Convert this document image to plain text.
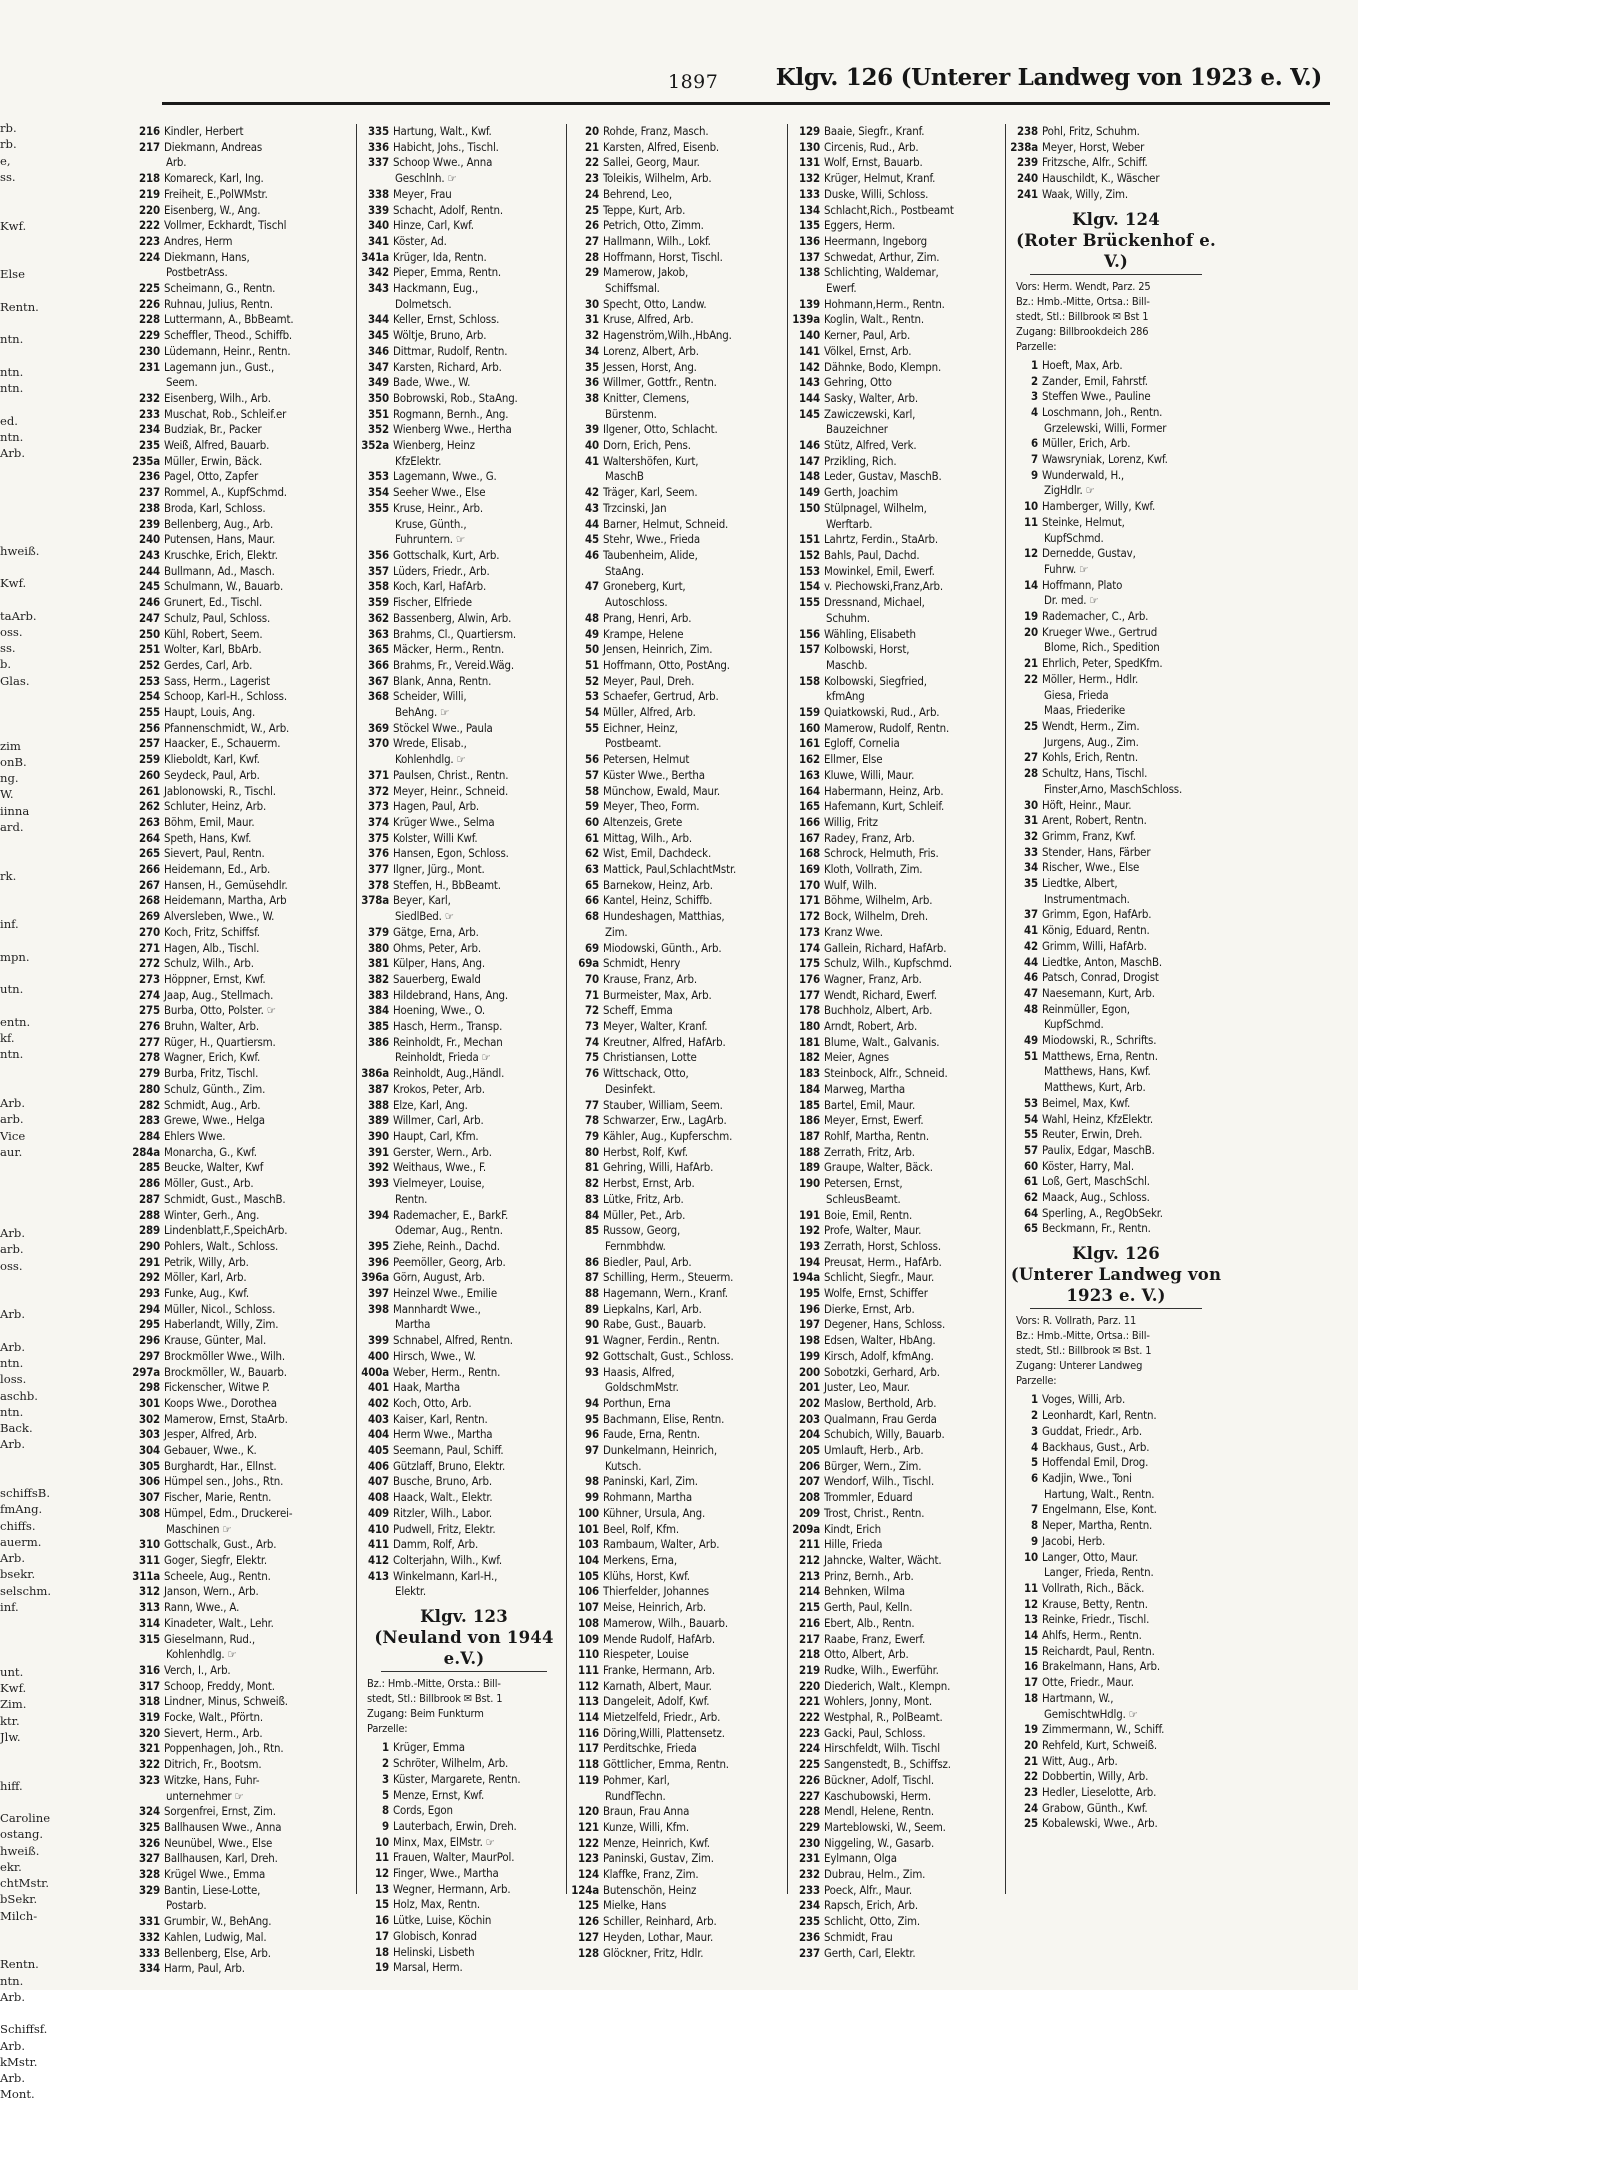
rb.
rb.
e,
ss.
Kwf.
Else
Rentn.
ntn.
ntn.
ntn.
ed.
ntn.
Arb.
hweiß.
Kwf.
taArb.
oss.
ss.
b.
Glas.
zim
onB.
ng.
W.
iinna
ard.
rk.
inf.
mpn.
utn.
entn.
kf.
ntn.
Arb.
arb.
Vice
aur.
Arb.
arb.
oss.
Arb.
Arb.
ntn.
loss.
aschb.
ntn.
Back.
Arb.
schiffsB.
fmAng.
chiffs.
auerm.
Arb.
bsekr.
selschm.
inf.
unt.
Kwf.
Zim.
ktr.
Jlw.
hiff.
Caroline
ostang.
hweiß.
ekr.
chtMstr.
bSekr.
Milch-
Rentn.
ntn.
Arb.
Schiffsf.
Arb.
kMstr.
Arb.
Mont.
1897 Klgv. 126 (Unterer Landweg von 1923 e. V.)
216 Kindler, Herbert
217 Diekmann, Andreas
Arb.
218 Komareck, Karl, Ing.
219 Freiheit, E.,PolWMstr.
220 Eisenberg, W., Ang.
222 Vollmer, Eckhardt, Tischl
223 Andres, Herm
224 Diekmann, Hans,
PostbetrAss.
225 Scheimann, G., Rentn.
226 Ruhnau, Julius, Rentn.
228 Luttermann, A., BbBeamt.
229 Scheffler, Theod., Schiffb.
230 Lüdemann, Heinr., Rentn.
231 Lagemann jun., Gust.,
Seem.
232 Eisenberg, Wilh., Arb.
233 Muschat, Rob., Schleif.er
234 Budziak, Br., Packer
235 Weiß, Alfred, Bauarb.
235a Müller, Erwin, Bäck.
236 Pagel, Otto, Zapfer
237 Rommel, A., KupfSchmd.
238 Broda, Karl, Schloss.
239 Bellenberg, Aug., Arb.
240 Putensen, Hans, Maur.
243 Kruschke, Erich, Elektr.
244 Bullmann, Ad., Masch.
245 Schulmann, W., Bauarb.
246 Grunert, Ed., Tischl.
247 Schulz, Paul, Schloss.
250 Kühl, Robert, Seem.
251 Wolter, Karl, BbArb.
252 Gerdes, Carl, Arb.
253 Sass, Herm., Lagerist
254 Schoop, Karl-H., Schloss.
255 Haupt, Louis, Ang.
256 Pfannenschmidt, W., Arb.
257 Haacker, E., Schauerm.
259 Klieboldt, Karl, Kwf.
260 Seydeck, Paul, Arb.
261 Jablonowski, R., Tischl.
262 Schluter, Heinz, Arb.
263 Böhm, Emil, Maur.
264 Speth, Hans, Kwf.
265 Sievert, Paul, Rentn.
266 Heidemann, Ed., Arb.
267 Hansen, H., Gemüsehdlr.
268 Heidemann, Martha, Arb
269 Alversleben, Wwe., W.
270 Koch, Fritz, Schiffsf.
271 Hagen, Alb., Tischl.
272 Schulz, Wilh., Arb.
273 Höppner, Ernst, Kwf.
274 Jaap, Aug., Stellmach.
275 Burba, Otto, Polster. ☞
276 Bruhn, Walter, Arb.
277 Rüger, H., Quartiersm.
278 Wagner, Erich, Kwf.
279 Burba, Fritz, Tischl.
280 Schulz, Günth., Zim.
282 Schmidt, Aug., Arb.
283 Grewe, Wwe., Helga
284 Ehlers Wwe.
284a Monarcha, G., Kwf.
285 Beucke, Walter, Kwf
286 Möller, Gust., Arb.
287 Schmidt, Gust., MaschB.
288 Winter, Gerh., Ang.
289 Lindenblatt,F.,SpeichArb.
290 Pohlers, Walt., Schloss.
291 Petrik, Willy, Arb.
292 Möller, Karl, Arb.
293 Funke, Aug., Kwf.
294 Müller, Nicol., Schloss.
295 Haberlandt, Willy, Zim.
296 Krause, Günter, Mal.
297 Brockmöller Wwe., Wilh.
297a Brockmöller, W., Bauarb.
298 Fickenscher, Witwe P.
301 Koops Wwe., Dorothea
302 Mamerow, Ernst, StaArb.
303 Jesper, Alfred, Arb.
304 Gebauer, Wwe., K.
305 Burghardt, Har., Ellnst.
306 Hümpel sen., Johs., Rtn.
307 Fischer, Marie, Rentn.
308 Hümpel, Edm., Druckerei-
Maschinen ☞
310 Gottschalk, Gust., Arb.
311 Goger, Siegfr, Elektr.
311a Scheele, Aug., Rentn.
312 Janson, Wern., Arb.
313 Rann, Wwe., A.
314 Kinadeter, Walt., Lehr.
315 Gieselmann, Rud.,
Kohlenhdlg. ☞
316 Verch, I., Arb.
317 Schoop, Freddy, Mont.
318 Lindner, Minus, Schweiß.
319 Focke, Walt., Pförtn.
320 Sievert, Herm., Arb.
321 Poppenhagen, Joh., Rtn.
322 Ditrich, Fr., Bootsm.
323 Witzke, Hans, Fuhr-
unternehmer ☞
324 Sorgenfrei, Ernst, Zim.
325 Ballhausen Wwe., Anna
326 Neunübel, Wwe., Else
327 Ballhausen, Karl, Dreh.
328 Krügel Wwe., Emma
329 Bantin, Liese-Lotte,
Postarb.
331 Grumbir, W., BehAng.
332 Kahlen, Ludwig, Mal.
333 Bellenberg, Else, Arb.
334 Harm, Paul, Arb.
335 Hartung, Walt., Kwf.
336 Habicht, Johs., Tischl.
337 Schoop Wwe., Anna
Geschlnh. ☞
338 Meyer, Frau
339 Schacht, Adolf, Rentn.
340 Hinze, Carl, Kwf.
341 Köster, Ad.
341a Krüger, Ida, Rentn.
342 Pieper, Emma, Rentn.
343 Hackmann, Eug.,
Dolmetsch.
344 Keller, Ernst, Schloss.
345 Wöltje, Bruno, Arb.
346 Dittmar, Rudolf, Rentn.
347 Karsten, Richard, Arb.
349 Bade, Wwe., W.
350 Bobrowski, Rob., StaAng.
351 Rogmann, Bernh., Ang.
352 Wienberg Wwe., Hertha
352a Wienberg, Heinz
KfzElektr.
353 Lagemann, Wwe., G.
354 Seeher Wwe., Else
355 Kruse, Heinr., Arb.
Kruse, Günth.,
Fuhruntern. ☞
356 Gottschalk, Kurt, Arb.
357 Lüders, Friedr., Arb.
358 Koch, Karl, HafArb.
359 Fischer, Elfriede
362 Bassenberg, Alwin, Arb.
363 Brahms, Cl., Quartiersm.
365 Mäcker, Herm., Rentn.
366 Brahms, Fr., Vereid.Wäg.
367 Blank, Anna, Rentn.
368 Scheider, Willi,
BehAng. ☞
369 Stöckel Wwe., Paula
370 Wrede, Elisab.,
Kohlenhdlg. ☞
371 Paulsen, Christ., Rentn.
372 Meyer, Heinr., Schneid.
373 Hagen, Paul, Arb.
374 Krüger Wwe., Selma
375 Kolster, Willi Kwf.
376 Hansen, Egon, Schloss.
377 Ilgner, Jürg., Mont.
378 Steffen, H., BbBeamt.
378a Beyer, Karl,
SiedlBed. ☞
379 Gätge, Erna, Arb.
380 Ohms, Peter, Arb.
381 Külper, Hans, Ang.
382 Sauerberg, Ewald
383 Hildebrand, Hans, Ang.
384 Hoening, Wwe., O.
385 Hasch, Herm., Transp.
386 Reinholdt, Fr., Mechan
Reinholdt, Frieda ☞
386a Reinholdt, Aug.,Händl.
387 Krokos, Peter, Arb.
388 Elze, Karl, Ang.
389 Willmer, Carl, Arb.
390 Haupt, Carl, Kfm.
391 Gerster, Wern., Arb.
392 Weithaus, Wwe., F.
393 Vielmeyer, Louise,
Rentn.
394 Rademacher, E., BarkF.
Odemar, Aug., Rentn.
395 Ziehe, Reinh., Dachd.
396 Peemöller, Georg, Arb.
396a Görn, August, Arb.
397 Heinzel Wwe., Emilie
398 Mannhardt Wwe.,
Martha
399 Schnabel, Alfred, Rentn.
400 Hirsch, Wwe., W.
400a Weber, Herm., Rentn.
401 Haak, Martha
402 Koch, Otto, Arb.
403 Kaiser, Karl, Rentn.
404 Herm Wwe., Martha
405 Seemann, Paul, Schiff.
406 Gützlaff, Bruno, Elektr.
407 Busche, Bruno, Arb.
408 Haack, Walt., Elektr.
409 Ritzler, Wilh., Labor.
410 Pudwell, Fritz, Elektr.
411 Damm, Rolf, Arb.
412 Colterjahn, Wilh., Kwf.
413 Winkelmann, Karl-H.,
Elektr.
Klgv. 123
(Neuland von 1944 e.V.)
Bz.: Hmb.-Mitte, Orsta.: Bill-
stedt, Stl.: Billbrook ✉ Bst. 1
Zugang: Beim Funkturm
Parzelle:
1 Krüger, Emma
2 Schröter, Wilhelm, Arb.
3 Küster, Margarete, Rentn.
5 Menze, Ernst, Kwf.
8 Cords, Egon
9 Lauterbach, Erwin, Dreh.
10 Minx, Max, ElMstr. ☞
11 Frauen, Walter, MaurPol.
12 Finger, Wwe., Martha
13 Wegner, Hermann, Arb.
15 Holz, Max, Rentn.
16 Lütke, Luise, Köchin
17 Globisch, Konrad
18 Helinski, Lisbeth
19 Marsal, Herm.
20 Rohde, Franz, Masch.
21 Karsten, Alfred, Eisenb.
22 Sallei, Georg, Maur.
23 Toleikis, Wilhelm, Arb.
24 Behrend, Leo,
25 Teppe, Kurt, Arb.
26 Petrich, Otto, Zimm.
27 Hallmann, Wilh., Lokf.
28 Hoffmann, Horst, Tischl.
29 Mamerow, Jakob,
Schiffsmal.
30 Specht, Otto, Landw.
31 Kruse, Alfred, Arb.
32 Hagenström,Wilh.,HbAng.
34 Lorenz, Albert, Arb.
35 Jessen, Horst, Ang.
36 Willmer, Gottfr., Rentn.
38 Knitter, Clemens,
Bürstenm.
39 Ilgener, Otto, Schlacht.
40 Dorn, Erich, Pens.
41 Waltershöfen, Kurt,
MaschB
42 Träger, Karl, Seem.
43 Trzcinski, Jan
44 Barner, Helmut, Schneid.
45 Stehr, Wwe., Frieda
46 Taubenheim, Alide,
StaAng.
47 Groneberg, Kurt,
Autoschloss.
48 Prang, Henri, Arb.
49 Krampe, Helene
50 Jensen, Heinrich, Zim.
51 Hoffmann, Otto, PostAng.
52 Meyer, Paul, Dreh.
53 Schaefer, Gertrud, Arb.
54 Müller, Alfred, Arb.
55 Eichner, Heinz,
Postbeamt.
56 Petersen, Helmut
57 Küster Wwe., Bertha
58 Münchow, Ewald, Maur.
59 Meyer, Theo, Form.
60 Altenzeis, Grete
61 Mittag, Wilh., Arb.
62 Wist, Emil, Dachdeck.
63 Mattick, Paul,SchlachtMstr.
65 Barnekow, Heinz, Arb.
66 Kantel, Heinz, Schiffb.
68 Hundeshagen, Matthias,
Zim.
69 Miodowski, Günth., Arb.
69a Schmidt, Henry
70 Krause, Franz, Arb.
71 Burmeister, Max, Arb.
72 Scheff, Emma
73 Meyer, Walter, Kranf.
74 Kreutner, Alfred, HafArb.
75 Christiansen, Lotte
76 Wittschack, Otto,
Desinfekt.
77 Stauber, William, Seem.
78 Schwarzer, Erw., LagArb.
79 Kähler, Aug., Kupferschm.
80 Herbst, Rolf, Kwf.
81 Gehring, Willi, HafArb.
82 Herbst, Ernst, Arb.
83 Lütke, Fritz, Arb.
84 Müller, Pet., Arb.
85 Russow, Georg,
Fernmbhdw.
86 Biedler, Paul, Arb.
87 Schilling, Herm., Steuerm.
88 Hagemann, Wern., Kranf.
89 Liepkalns, Karl, Arb.
90 Rabe, Gust., Bauarb.
91 Wagner, Ferdin., Rentn.
92 Gottschalt, Gust., Schloss.
93 Haasis, Alfred,
GoldschmMstr.
94 Porthun, Erna
95 Bachmann, Elise, Rentn.
96 Faude, Erna, Rentn.
97 Dunkelmann, Heinrich,
Kutsch.
98 Paninski, Karl, Zim.
99 Rohmann, Martha
100 Kühner, Ursula, Ang.
101 Beel, Rolf, Kfm.
103 Rambaum, Walter, Arb.
104 Merkens, Erna,
105 Klühs, Horst, Kwf.
106 Thierfelder, Johannes
107 Meise, Heinrich, Arb.
108 Mamerow, Wilh., Bauarb.
109 Mende Rudolf, HafArb.
110 Riespeter, Louise
111 Franke, Hermann, Arb.
112 Karnath, Albert, Maur.
113 Dangeleit, Adolf, Kwf.
114 Mietzelfeld, Friedr., Arb.
116 Döring,Willi, Plattensetz.
117 Perditschke, Frieda
118 Göttlicher, Emma, Rentn.
119 Pohmer, Karl,
RundfTechn.
120 Braun, Frau Anna
121 Kunze, Willi, Kfm.
122 Menze, Heinrich, Kwf.
123 Paninski, Gustav, Zim.
124 Klaffke, Franz, Zim.
124a Butenschön, Heinz
125 Mielke, Hans
126 Schiller, Reinhard, Arb.
127 Heyden, Lothar, Maur.
128 Glöckner, Fritz, Hdlr.
129 Baaie, Siegfr., Kranf.
130 Circenis, Rud., Arb.
131 Wolf, Ernst, Bauarb.
132 Krüger, Helmut, Kranf.
133 Duske, Willi, Schloss.
134 Schlacht,Rich., Postbeamt
135 Eggers, Herm.
136 Heermann, Ingeborg
137 Schwedat, Arthur, Zim.
138 Schlichting, Waldemar,
Ewerf.
139 Hohmann,Herm., Rentn.
139a Koglin, Walt., Rentn.
140 Kerner, Paul, Arb.
141 Völkel, Ernst, Arb.
142 Dähnke, Bodo, Klempn.
143 Gehring, Otto
144 Sasky, Walter, Arb.
145 Zawiczewski, Karl,
Bauzeichner
146 Stütz, Alfred, Verk.
147 Przikling, Rich.
148 Leder, Gustav, MaschB.
149 Gerth, Joachim
150 Stülpnagel, Wilhelm,
Werftarb.
151 Lahrtz, Ferdin., StaArb.
152 Bahls, Paul, Dachd.
153 Mowinkel, Emil, Ewerf.
154 v. Piechowski,Franz,Arb.
155 Dressnand, Michael,
Schuhm.
156 Wähling, Elisabeth
157 Kolbowski, Horst,
Maschb.
158 Kolbowski, Siegfried,
kfmAng
159 Quiatkowski, Rud., Arb.
160 Mamerow, Rudolf, Rentn.
161 Egloff, Cornelia
162 Ellmer, Else
163 Kluwe, Willi, Maur.
164 Habermann, Heinz, Arb.
165 Hafemann, Kurt, Schleif.
166 Willig, Fritz
167 Radey, Franz, Arb.
168 Schrock, Helmuth, Fris.
169 Kloth, Vollrath, Zim.
170 Wulf, Wilh.
171 Böhme, Wilhelm, Arb.
172 Bock, Wilhelm, Dreh.
173 Kranz Wwe.
174 Gallein, Richard, HafArb.
175 Schulz, Wilh., Kupfschmd.
176 Wagner, Franz, Arb.
177 Wendt, Richard, Ewerf.
178 Buchholz, Albert, Arb.
180 Arndt, Robert, Arb.
181 Blume, Walt., Galvanis.
182 Meier, Agnes
183 Steinbock, Alfr., Schneid.
184 Marweg, Martha
185 Bartel, Emil, Maur.
186 Meyer, Ernst, Ewerf.
187 Rohlf, Martha, Rentn.
188 Zerrath, Fritz, Arb.
189 Graupe, Walter, Bäck.
190 Petersen, Ernst,
SchleusBeamt.
191 Boie, Emil, Rentn.
192 Profe, Walter, Maur.
193 Zerrath, Horst, Schloss.
194 Preusat, Herm., HafArb.
194a Schlicht, Siegfr., Maur.
195 Wolfe, Ernst, Schiffer
196 Dierke, Ernst, Arb.
197 Degener, Hans, Schloss.
198 Edsen, Walter, HbAng.
199 Kirsch, Adolf, kfmAng.
200 Sobotzki, Gerhard, Arb.
201 Juster, Leo, Maur.
202 Maslow, Berthold, Arb.
203 Qualmann, Frau Gerda
204 Schubich, Willy, Bauarb.
205 Umlauft, Herb., Arb.
206 Bürger, Wern., Zim.
207 Wendorf, Wilh., Tischl.
208 Trommler, Eduard
209 Trost, Christ., Rentn.
209a Kindt, Erich
211 Hille, Frieda
212 Jahncke, Walter, Wächt.
213 Prinz, Bernh., Arb.
214 Behnken, Wilma
215 Gerth, Paul, Kelln.
216 Ebert, Alb., Rentn.
217 Raabe, Franz, Ewerf.
218 Otto, Albert, Arb.
219 Rudke, Wilh., Ewerführ.
220 Diederich, Walt., Klempn.
221 Wohlers, Jonny, Mont.
222 Westphal, R., PolBeamt.
223 Gacki, Paul, Schloss.
224 Hirschfeldt, Wilh. Tischl
225 Sangenstedt, B., Schiffsz.
226 Bückner, Adolf, Tischl.
227 Kaschubowski, Herm.
228 Mendl, Helene, Rentn.
229 Marteblowski, W., Seem.
230 Niggeling, W., Gasarb.
231 Eylmann, Olga
232 Dubrau, Helm., Zim.
233 Poeck, Alfr., Maur.
234 Rapsch, Erich, Arb.
235 Schlicht, Otto, Zim.
236 Schmidt, Frau
237 Gerth, Carl, Elektr.
238 Pohl, Fritz, Schuhm.
238a Meyer, Horst, Weber
239 Fritzsche, Alfr., Schiff.
240 Hauschildt, K., Wäscher
241 Waak, Willy, Zim.
Klgv. 124
(Roter Brückenhof e. V.)
Vors: Herm. Wendt, Parz. 25
Bz.: Hmb.-Mitte, Ortsa.: Bill-
stedt, Stl.: Billbrook ✉ Bst 1
Zugang: Billbrookdeich 286
Parzelle:
1 Hoeft, Max, Arb.
2 Zander, Emil, Fahrstf.
3 Steffen Wwe., Pauline
4 Loschmann, Joh., Rentn.
Grzelewski, Willi, Former
6 Müller, Erich, Arb.
7 Wawsryniak, Lorenz, Kwf.
9 Wunderwald, H.,
ZigHdlr. ☞
10 Hamberger, Willy, Kwf.
11 Steinke, Helmut,
KupfSchmd.
12 Dernedde, Gustav,
Fuhrw. ☞
14 Hoffmann, Plato
Dr. med. ☞
19 Rademacher, C., Arb.
20 Krueger Wwe., Gertrud
Blome, Rich., Spedition
21 Ehrlich, Peter, SpedKfm.
22 Möller, Herm., Hdlr.
Giesa, Frieda
Maas, Friederike
25 Wendt, Herm., Zim.
Jurgens, Aug., Zim.
27 Kohls, Erich, Rentn.
28 Schultz, Hans, Tischl.
Finster,Arno, MaschSchloss.
30 Höft, Heinr., Maur.
31 Arent, Robert, Rentn.
32 Grimm, Franz, Kwf.
33 Stender, Hans, Färber
34 Rischer, Wwe., Else
35 Liedtke, Albert,
Instrumentmach.
37 Grimm, Egon, HafArb.
41 König, Eduard, Rentn.
42 Grimm, Willi, HafArb.
44 Liedtke, Anton, MaschB.
46 Patsch, Conrad, Drogist
47 Naesemann, Kurt, Arb.
48 Reinmüller, Egon,
KupfSchmd.
49 Miodowski, R., Schrifts.
51 Matthews, Erna, Rentn.
Matthews, Hans, Kwf.
Matthews, Kurt, Arb.
53 Beimel, Max, Kwf.
54 Wahl, Heinz, KfzElektr.
55 Reuter, Erwin, Dreh.
57 Paulix, Edgar, MaschB.
60 Köster, Harry, Mal.
61 Loß, Gert, MaschSchl.
62 Maack, Aug., Schloss.
64 Sperling, A., RegObSekr.
65 Beckmann, Fr., Rentn.
Klgv. 126
(Unterer Landweg von 1923 e. V.)
Vors: R. Vollrath, Parz. 11
Bz.: Hmb.-Mitte, Ortsa.: Bill-
stedt, Stl.: Billbrook ✉ Bst. 1
Zugang: Unterer Landweg
Parzelle:
1 Voges, Willi, Arb.
2 Leonhardt, Karl, Rentn.
3 Guddat, Friedr., Arb.
4 Backhaus, Gust., Arb.
5 Hoffendal Emil, Drog.
6 Kadjin, Wwe., Toni
Hartung, Walt., Rentn.
7 Engelmann, Else, Kont.
8 Neper, Martha, Rentn.
9 Jacobi, Herb.
10 Langer, Otto, Maur.
Langer, Frieda, Rentn.
11 Vollrath, Rich., Bäck.
12 Krause, Betty, Rentn.
13 Reinke, Friedr., Tischl.
14 Ahlfs, Herm., Rentn.
15 Reichardt, Paul, Rentn.
16 Brakelmann, Hans, Arb.
17 Otte, Friedr., Maur.
18 Hartmann, W.,
GemischtwHdlg. ☞
19 Zimmermann, W., Schiff.
20 Rehfeld, Kurt, Schweiß.
21 Witt, Aug., Arb.
22 Dobbertin, Willy, Arb.
23 Hedler, Lieselotte, Arb.
24 Grabow, Günth., Kwf.
25 Kobalewski, Wwe., Arb.
